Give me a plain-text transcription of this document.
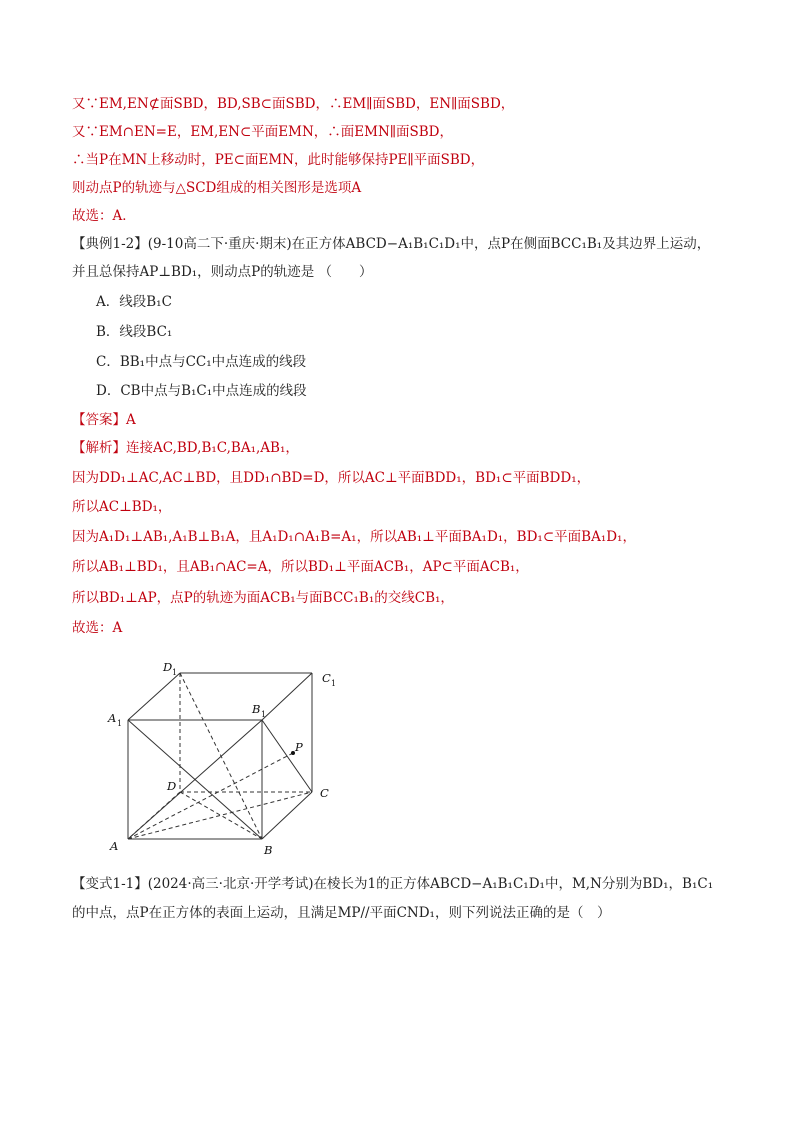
又∵EM,EN⊄面SBD，BD,SB⊂面SBD，∴EM∥面SBD，EN∥面SBD，
又∵EM∩EN=E，EM,EN⊂平面EMN，∴面EMN∥面SBD，
∴当P在MN上移动时，PE⊂面EMN，此时能够保持PE∥平面SBD，
则动点P的轨迹与△SCD组成的相关图形是选项A
故选：A．
【典例1-2】(9-10高二下·重庆·期末)在正方体ABCD−A₁B₁C₁D₁中，点P在侧面BCC₁B₁及其边界上运动，
并且总保持AP⊥BD₁，则动点P的轨迹是 （　　）
A．线段B₁C
B．线段BC₁
C．BB₁中点与CC₁中点连成的线段
D．CB中点与B₁C₁中点连成的线段
【答案】A
【解析】连接AC,BD,B₁C,BA₁,AB₁，
因为DD₁⊥AC,AC⊥BD，且DD₁∩BD=D，所以AC⊥平面BDD₁，BD₁⊂平面BDD₁，
所以AC⊥BD₁，
因为A₁D₁⊥AB₁,A₁B⊥B₁A，且A₁D₁∩A₁B=A₁，所以AB₁⊥平面BA₁D₁，BD₁⊂平面BA₁D₁，
所以AB₁⊥BD₁，且AB₁∩AC=A，所以BD₁⊥平面ACB₁，AP⊂平面ACB₁，
所以BD₁⊥AP，点P的轨迹为面ACB₁与面BCC₁B₁的交线CB₁，
故选：A
A	B
C
D
A 1
B 1
C 1
D 1
P
【变式1-1】(2024·高三·北京·开学考试)在棱长为1的正方体ABCD−A₁B₁C₁D₁中，M,N分别为BD₁，B₁C₁
的中点，点P在正方体的表面上运动，且满足MP//平面CND₁，则下列说法正确的是（　）
